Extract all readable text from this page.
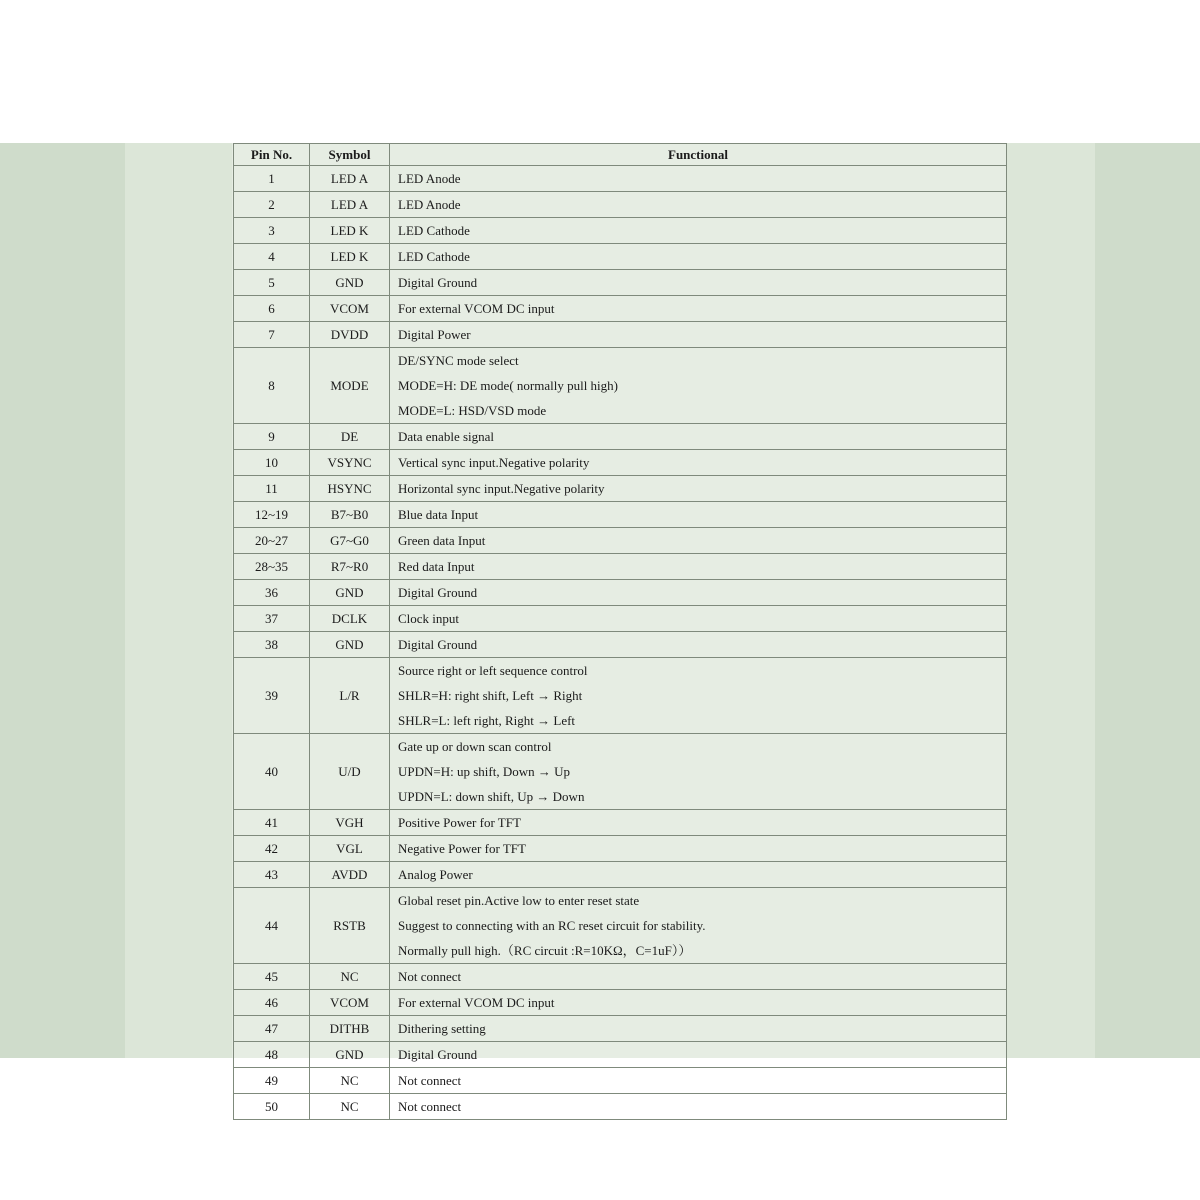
Pin No.	Symbol	Functional
1	LED A	LED Anode

2	LED A	LED Anode

3	LED K	LED Cathode

4	LED K	LED Cathode

5	GND	Digital Ground

6	VCOM	For external VCOM DC input

7	DVDD	Digital Power

8	MODE	DE/SYNC mode select
MODE=H: DE mode( normally pull high)
MODE=L: HSD/VSD mode

9	DE	Data enable signal

10	VSYNC	Vertical sync input.Negative polarity

11	HSYNC	Horizontal sync input.Negative polarity

12~19	B7~B0	Blue data Input

20~27	G7~G0	Green data Input

28~35	R7~R0	Red data Input

36	GND	Digital Ground

37	DCLK	Clock input

38	GND	Digital Ground

39	L/R	Source right or left sequence control
SHLR=H: right shift, Left → Right
SHLR=L: left right, Right → Left

40	U/D	Gate up or down scan control
UPDN=H: up shift, Down → Up
UPDN=L: down shift, Up → Down

41	VGH	Positive Power for TFT

42	VGL	Negative Power for TFT

43	AVDD	Analog Power

44	RSTB	Global reset pin.Active low to enter reset state
Suggest to connecting with an RC reset circuit for stability.
Normally pull high.（RC circuit :R=10KΩ，C=1uF））

45	NC	Not connect

46	VCOM	For external VCOM DC input

47	DITHB	Dithering setting

48	GND	Digital Ground

49	NC	Not connect

50	NC	Not connect
